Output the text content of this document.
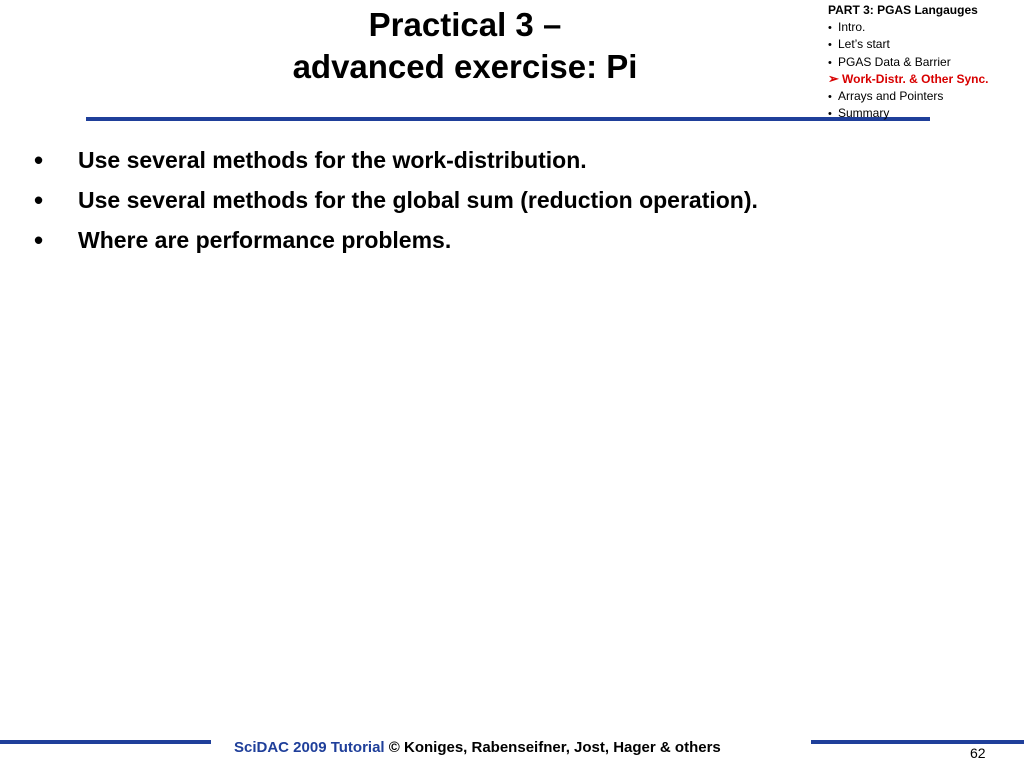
Practical 3 –
advanced exercise: Pi
PART 3: PGAS Langauges
• Intro.
• Let’s start
• PGAS Data & Barrier
➢ Work-Distr. & Other Sync.
• Arrays and Pointers
• Summary
• Use several methods for the work-distribution.
• Use several methods for the global sum (reduction operation).
• Where are performance problems.
SciDAC 2009 Tutorial © Koniges, Rabenseifner, Jost, Hager & others	62
